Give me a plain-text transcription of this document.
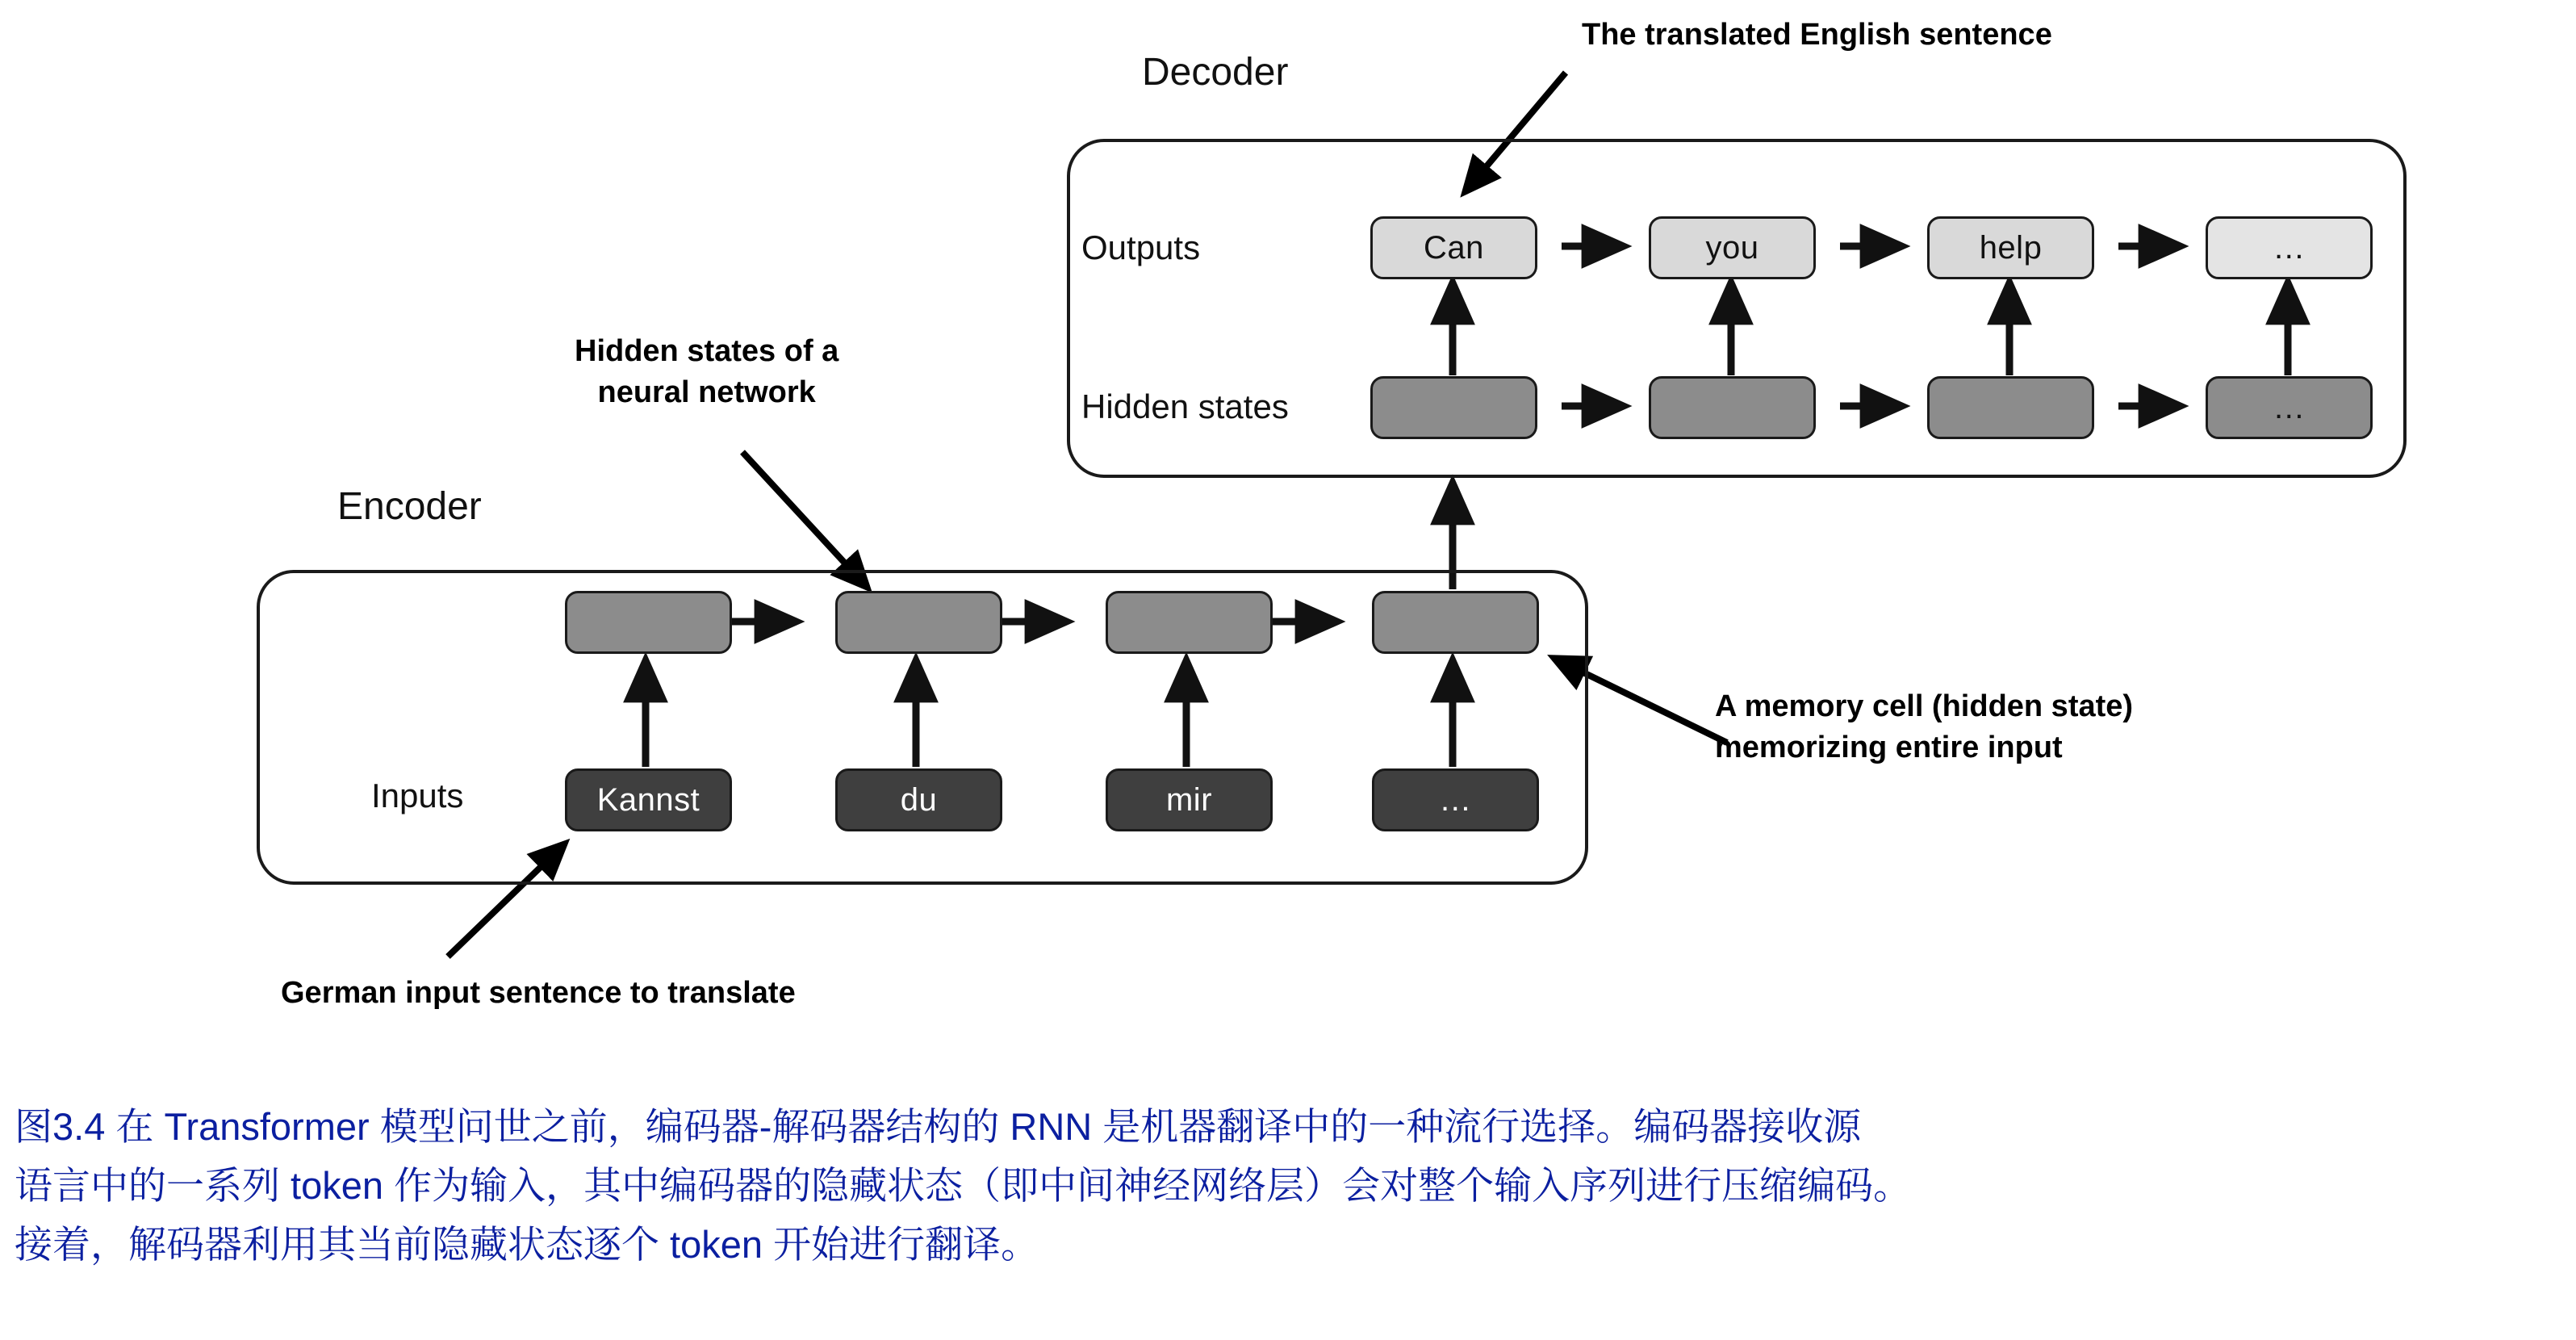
Decoder
Outputs	Can	you	help	…
Hidden states	…
Encoder
Inputs	Kannst	du	mir	…
The translated English sentence
Hidden states of a
neural network
A memory cell (hidden state)
memorizing entire input
German input sentence to translate

图3.4 在 Transformer 模型问世之前，编码器-解码器结构的 RNN 是机器翻译中的一种流行选择。编码器接收源

语言中的一系列 token 作为输入，其中编码器的隐藏状态（即中间神经网络层）会对整个输入序列进行压缩编码。

接着，解码器利用其当前隐藏状态逐个 token 开始进行翻译。
